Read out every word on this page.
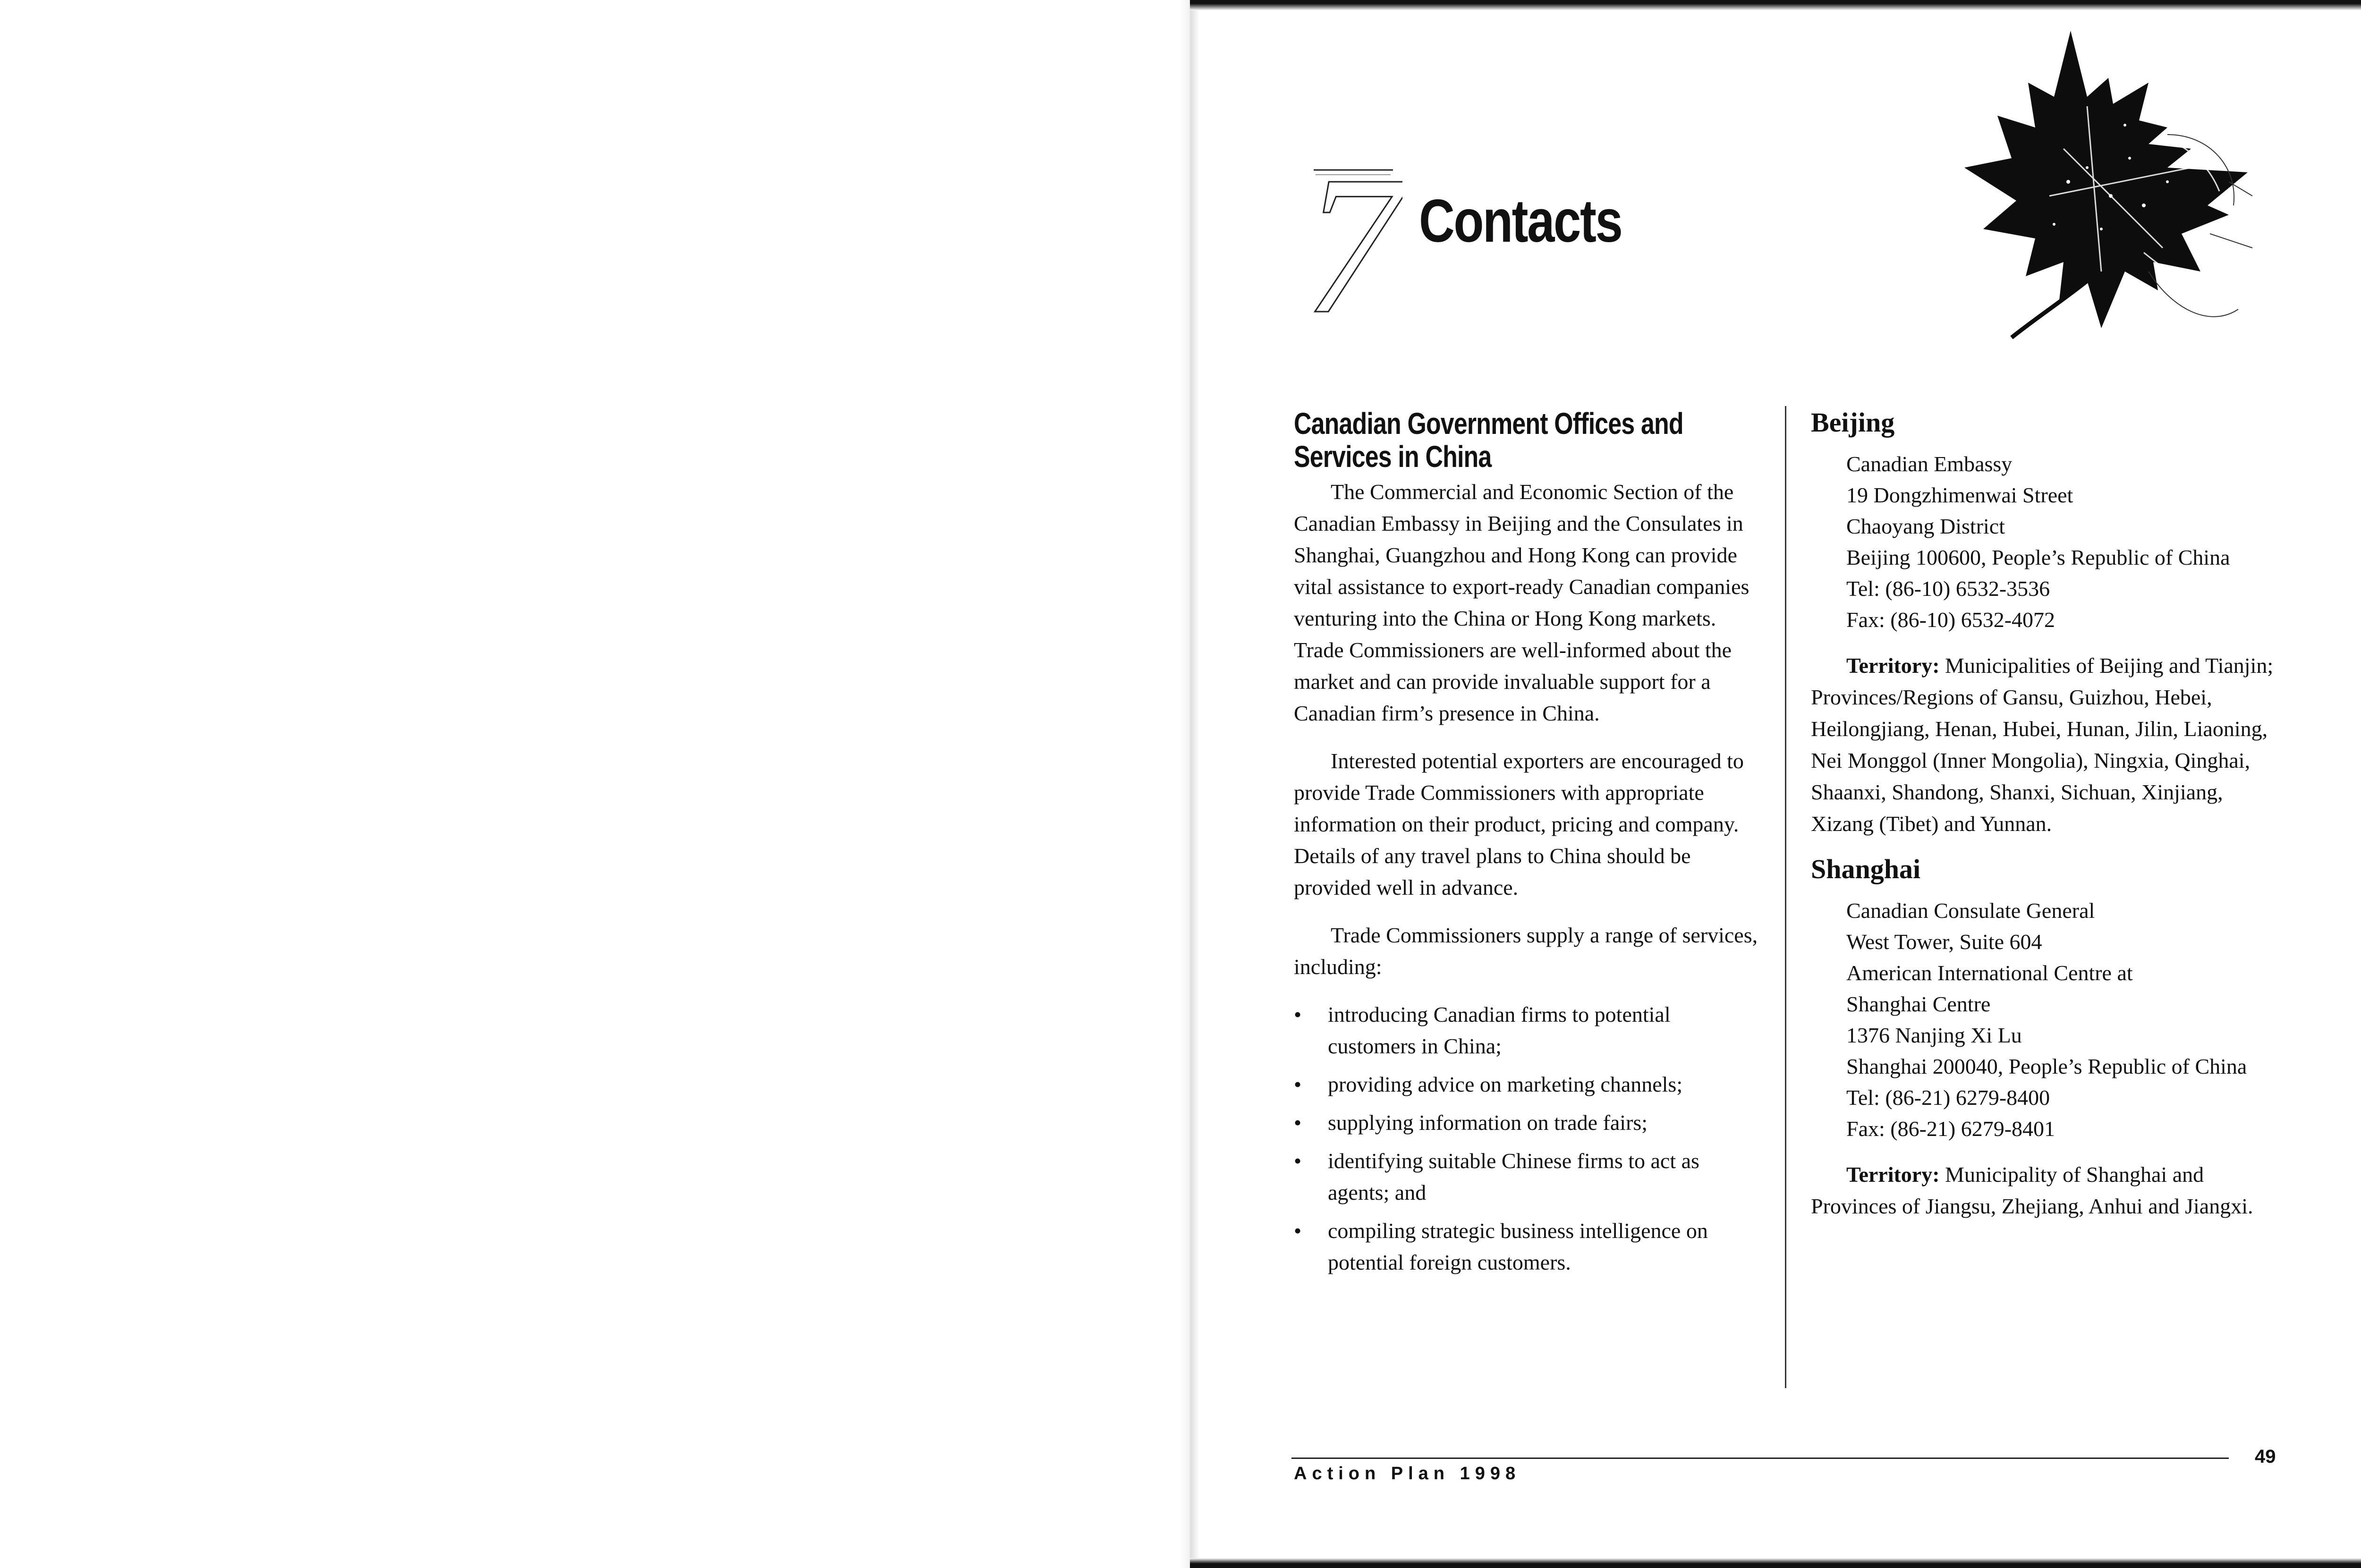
7 Contacts
Canadian Government Offices and Services in China

The Commercial and Economic Section of the Canadian Embassy in Beijing and the Consulates in Shanghai, Guangzhou and Hong Kong can provide vital assistance to export-ready Canadian companies venturing into the China or Hong Kong markets. Trade Commissioners are well-informed about the market and can provide invaluable support for a Canadian firm’s presence in China.

Interested potential exporters are encouraged to provide Trade Commissioners with appropriate information on their product, pricing and company. Details of any travel plans to China should be provided well in advance.

Trade Commissioners supply a range of services, including:

• introducing Canadian firms to potential customers in China;
• providing advice on marketing channels;
• supplying information on trade fairs;
• identifying suitable Chinese firms to act as agents; and
• compiling strategic business intelligence on potential foreign customers.
Beijing
Canadian Embassy
19 Dongzhimenwai Street
Chaoyang District
Beijing 100600, People’s Republic of China
Tel: (86-10) 6532-3536
Fax: (86-10) 6532-4072

Territory: Municipalities of Beijing and Tianjin; Provinces/Regions of Gansu, Guizhou, Hebei, Heilongjiang, Henan, Hubei, Hunan, Jilin, Liaoning, Nei Monggol (Inner Mongolia), Ningxia, Qinghai, Shaanxi, Shandong, Shanxi, Sichuan, Xinjiang, Xizang (Tibet) and Yunnan.

Shanghai
Canadian Consulate General
West Tower, Suite 604
American International Centre at
Shanghai Centre
1376 Nanjing Xi Lu
Shanghai 200040, People’s Republic of China
Tel: (86-21) 6279-8400
Fax: (86-21) 6279-8401

Territory: Municipality of Shanghai and Provinces of Jiangsu, Zhejiang, Anhui and Jiangxi.

Action Plan 1998
49
